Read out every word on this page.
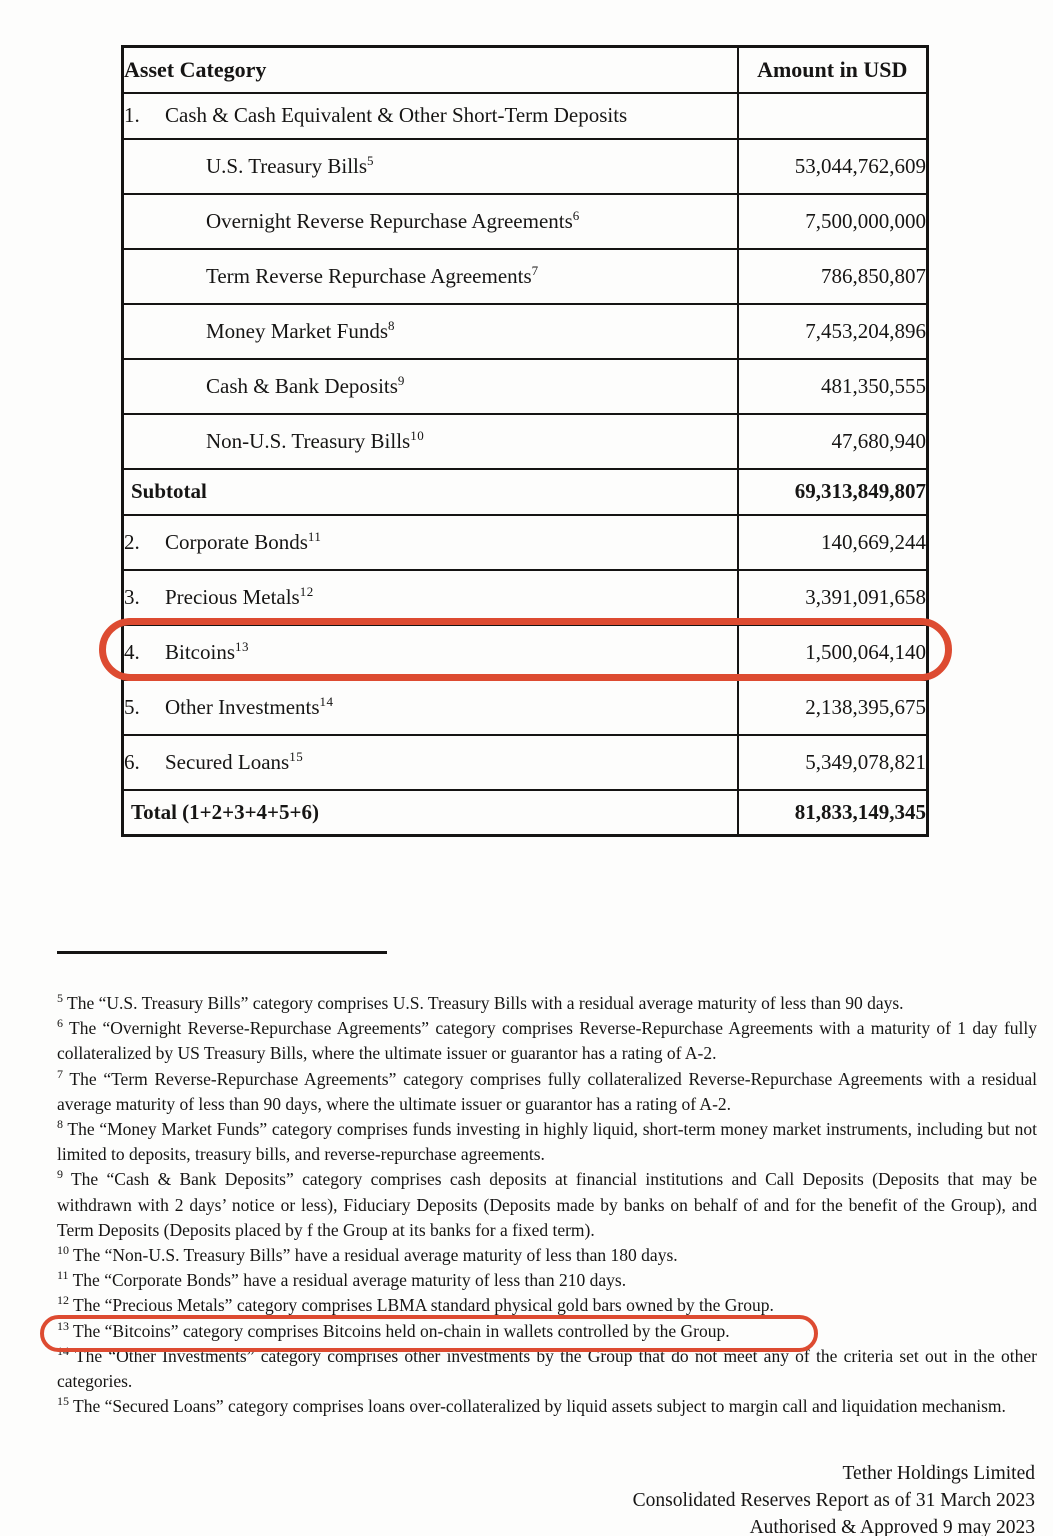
Asset Category	Amount in USD
1. Cash & Cash Equivalent & Other Short-Term Deposits	
U.S. Treasury Bills$^5$	53,044,762,609
Overnight Reverse Repurchase Agreements$^6$	7,500,000,000
Term Reverse Repurchase Agreements$^7$	786,850,807
Money Market Funds$^8$	7,453,204,896
Cash & Bank Deposits$^9$	481,350,555
Non-U.S. Treasury Bills$^{10}$	47,680,940
Subtotal	69,313,849,807
2. Corporate Bonds$^{11}$	140,669,244
3. Precious Metals$^{12}$	3,391,091,658
4. Bitcoins$^{13}$	1,500,064,140
5. Other Investments$^{14}$	2,138,395,675
6. Secured Loans$^{15}$	5,349,078,821
Total (1+2+3+4+5+6)	81,833,149,345
$^5$ The “U.S. Treasury Bills” category comprises U.S. Treasury Bills with a residual average maturity of less than 90 days.
$^6$ The “Overnight Reverse-Repurchase Agreements” category comprises Reverse-Repurchase Agreements with a maturity of 1 day fully collateralized by US Treasury Bills, where the ultimate issuer or guarantor has a rating of A-2.
$^7$ The “Term Reverse-Repurchase Agreements” category comprises fully collateralized Reverse-Repurchase Agreements with a residual average maturity of less than 90 days, where the ultimate issuer or guarantor has a rating of A-2.
$^8$ The “Money Market Funds” category comprises funds investing in highly liquid, short-term money market instruments, including but not limited to deposits, treasury bills, and reverse-repurchase agreements.
$^9$ The “Cash & Bank Deposits” category comprises cash deposits at financial institutions and Call Deposits (Deposits that may be withdrawn with 2 days’ notice or less), Fiduciary Deposits (Deposits made by banks on behalf of and for the benefit of the Group), and Term Deposits (Deposits placed by f the Group at its banks for a fixed term).
$^{10}$ The “Non-U.S. Treasury Bills” have a residual average maturity of less than 180 days.
$^{11}$ The “Corporate Bonds” have a residual average maturity of less than 210 days.
$^{12}$ The “Precious Metals” category comprises LBMA standard physical gold bars owned by the Group.
$^{13}$ The “Bitcoins” category comprises Bitcoins held on-chain in wallets controlled by the Group.
$^{14}$ The “Other Investments” category comprises other investments by the Group that do not meet any of the criteria set out in the other categories.
$^{15}$ The “Secured Loans” category comprises loans over-collateralized by liquid assets subject to margin call and liquidation mechanism.
Tether Holdings Limited
Consolidated Reserves Report as of 31 March 2023
Authorised & Approved 9 may 2023
